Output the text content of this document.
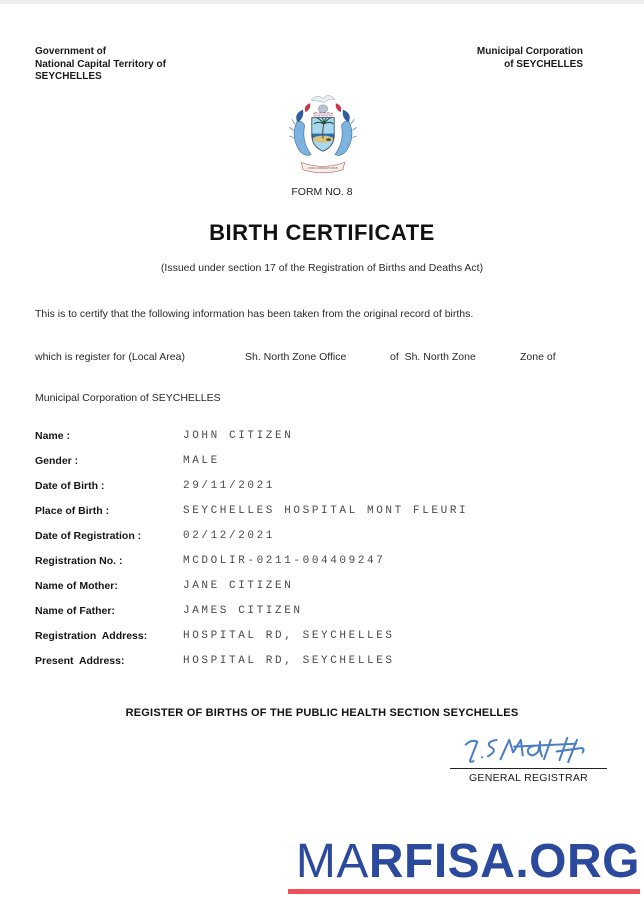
Government of
National Capital Territory of
SEYCHELLES
Municipal Corporation
of SEYCHELLES
FINIS CORONAT OPUS
FORM NO. 8
BIRTH CERTIFICATE
(Issued under section 17 of the Registration of Births and Deaths Act)
This is to certify that the following information has been taken from the original record of births.
which is register for (Local Area)	Sh. North Zone Office	of  Sh. North Zone	Zone of
Municipal Corporation of SEYCHELLES
Name :	JOHN CITIZEN
Gender :	MALE
Date of Birth :	29/11/2021
Place of Birth :	SEYCHELLES HOSPITAL MONT FLEURI
Date of Registration :	02/12/2021
Registration No. :	MCDOLIR-0211-004409247
Name of Mother:	JANE CITIZEN
Name of Father:	JAMES CITIZEN
Registration  Address:	HOSPITAL RD, SEYCHELLES
Present  Address:	HOSPITAL RD, SEYCHELLES
REGISTER OF BIRTHS OF THE PUBLIC HEALTH SECTION SEYCHELLES
GENERAL REGISTRAR
MARFISA.ORG
